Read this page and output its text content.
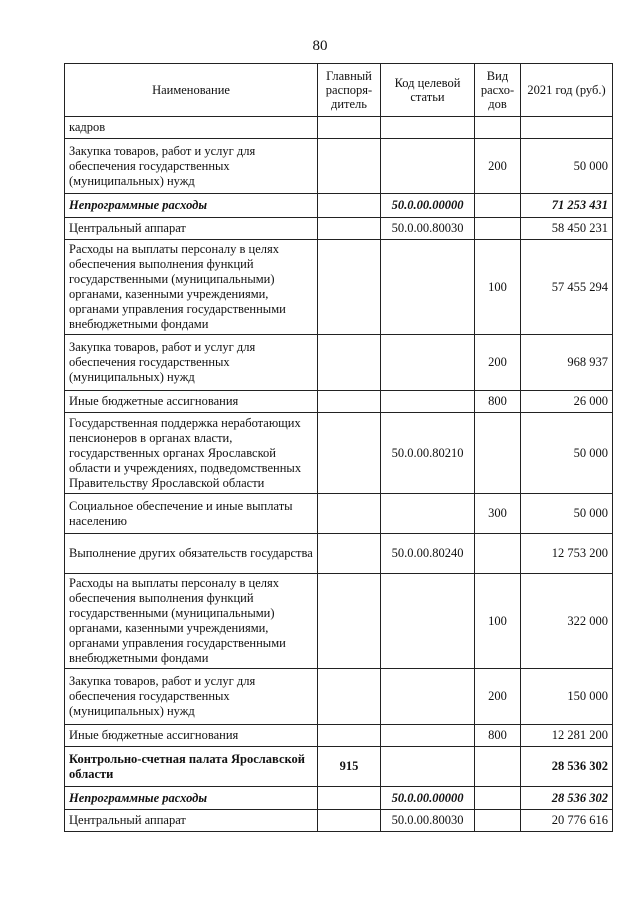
80
Наименование	Главный распоря-дитель	Код целевой статьи	Вид расхо-дов	2021 год (руб.)
кадров				
Закупка товаров, работ и услуг для обеспечения государственных (муниципальных) нужд			200	50 000
Непрограммные расходы		50.0.00.00000		71 253 431
Центральный аппарат		50.0.00.80030		58 450 231
Расходы на выплаты персоналу в целях обеспечения выполнения функций государственными (муниципальными) органами, казенными учреждениями, органами управления государственными внебюджетными фондами			100	57 455 294
Закупка товаров, работ и услуг для обеспечения государственных (муниципальных) нужд			200	968 937
Иные бюджетные ассигнования			800	26 000
Государственная поддержка неработающих пенсионеров в органах власти, государственных органах Ярославской области и учреждениях, подведомственных Правительству Ярославской области		50.0.00.80210		50 000
Социальное обеспечение и иные выплаты населению			300	50 000
Выполнение других обязательств государства		50.0.00.80240		12 753 200
Расходы на выплаты персоналу в целях обеспечения выполнения функций государственными (муниципальными) органами, казенными учреждениями, органами управления государственными внебюджетными фондами			100	322 000
Закупка товаров, работ и услуг для обеспечения государственных (муниципальных) нужд			200	150 000
Иные бюджетные ассигнования			800	12 281 200
Контрольно-счетная палата Ярославской области	915			28 536 302
Непрограммные расходы		50.0.00.00000		28 536 302
Центральный аппарат		50.0.00.80030		20 776 616
